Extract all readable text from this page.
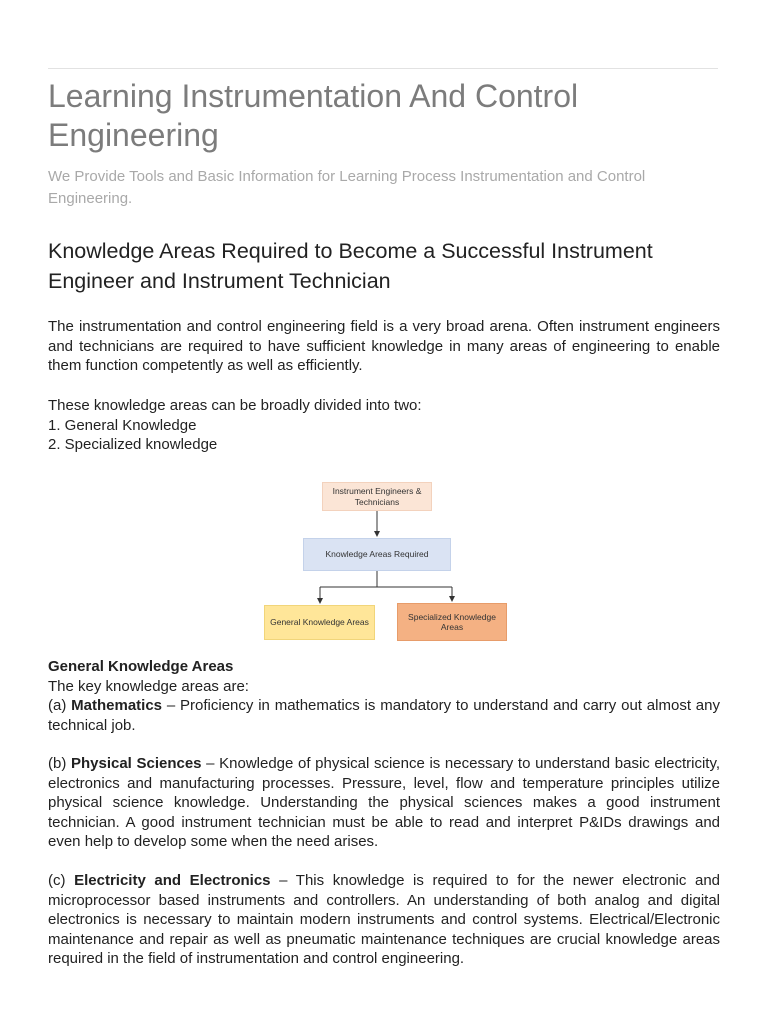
Learning Instrumentation And Control Engineering

We Provide Tools and Basic Information for Learning Process Instrumentation and Control Engineering.

Knowledge Areas Required to Become a Successful Instrument Engineer and Instrument Technician

The instrumentation and control engineering field is a very broad arena. Often instrument engineers and technicians are required to have sufficient knowledge in many areas of engineering to enable them function competently as well as efficiently.

These knowledge areas can be broadly divided into two:
1. General Knowledge
2. Specialized knowledge
Instrument Engineers & Technicians
Knowledge Areas Required
General Knowledge Areas
Specialized Knowledge Areas
General Knowledge Areas
The key knowledge areas are:

(a) Mathematics – Proficiency in mathematics is mandatory to understand and carry out almost any technical job.

(b) Physical Sciences – Knowledge of physical science is necessary to understand basic electricity, electronics and manufacturing processes. Pressure, level, flow and temperature principles utilize physical science knowledge. Understanding the physical sciences makes a good instrument technician. A good instrument technician must be able to read and interpret P&IDs drawings and even help to develop some when the need arises.

(c) Electricity and Electronics – This knowledge is required to for the newer electronic and microprocessor based instruments and controllers. An understanding of both analog and digital electronics is necessary to maintain modern instruments and control systems. Electrical/Electronic maintenance and repair as well as pneumatic maintenance techniques are crucial knowledge areas required in the field of instrumentation and control engineering.
